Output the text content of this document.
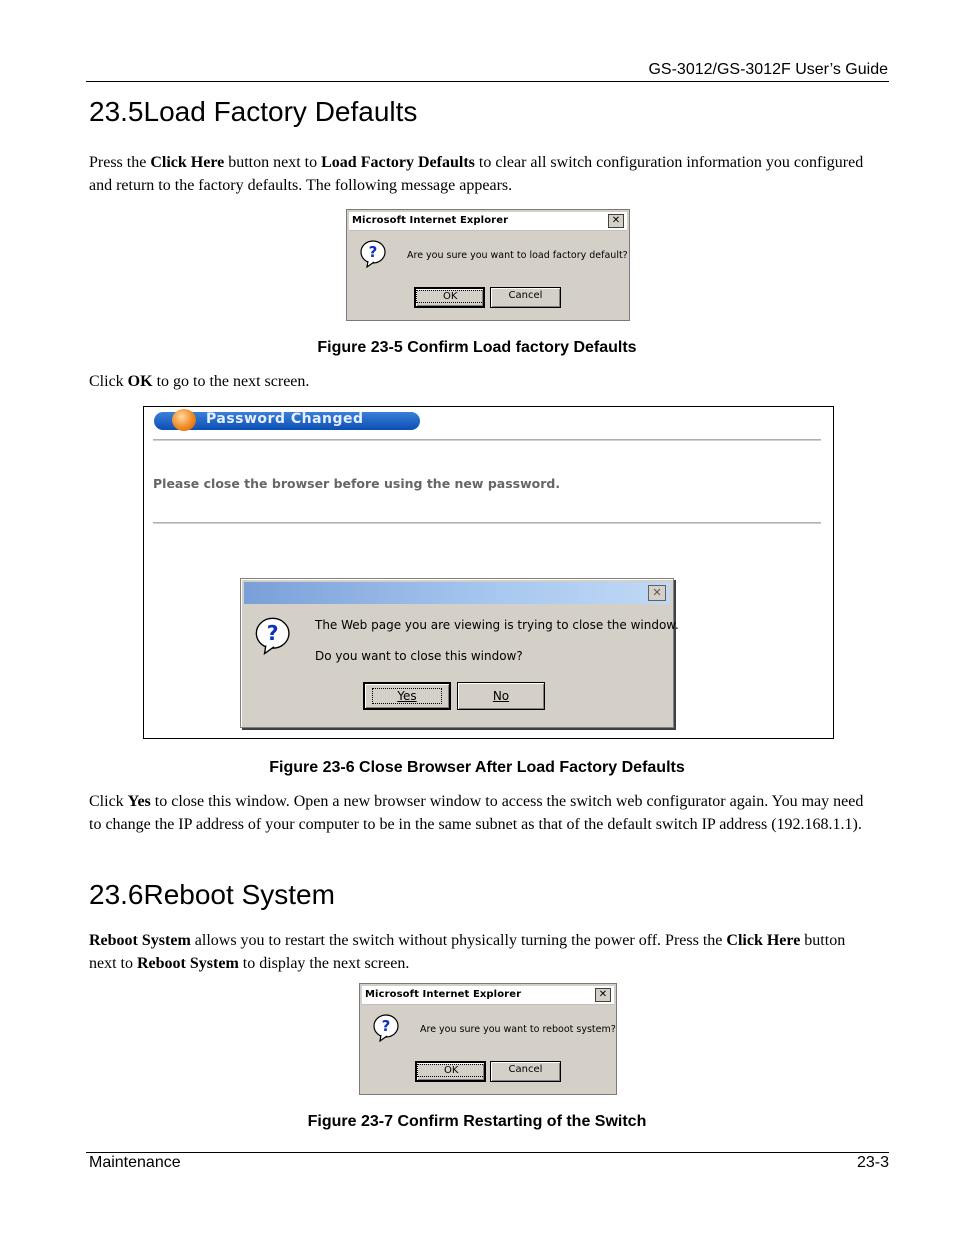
GS-3012/GS-3012F User’s Guide
23.5Load Factory Defaults
Press the Click Here button next to Load Factory Defaults to clear all switch configuration information you configured and return to the factory defaults. The following message appears.
Microsoft Internet Explorer	✕
?	Are you sure you want to load factory default?
OK	Cancel
Figure 23-5 Confirm Load factory Defaults
Click OK to go to the next screen.
Password Changed
Please close the browser before using the new password.
✕
?	The Web page you are viewing is trying to close the window.
Do you want to close this window?
Yes	No
Figure 23-6 Close Browser After Load Factory Defaults
Click Yes to close this window. Open a new browser window to access the switch web configurator again. You may need to change the IP address of your computer to be in the same subnet as that of the default switch IP address (192.168.1.1).
23.6Reboot System
Reboot System allows you to restart the switch without physically turning the power off. Press the Click Here button next to Reboot System to display the next screen.
Microsoft Internet Explorer	✕
?	Are you sure you want to reboot system?
OK	Cancel
Figure 23-7 Confirm Restarting of the Switch
Maintenance	23-3
